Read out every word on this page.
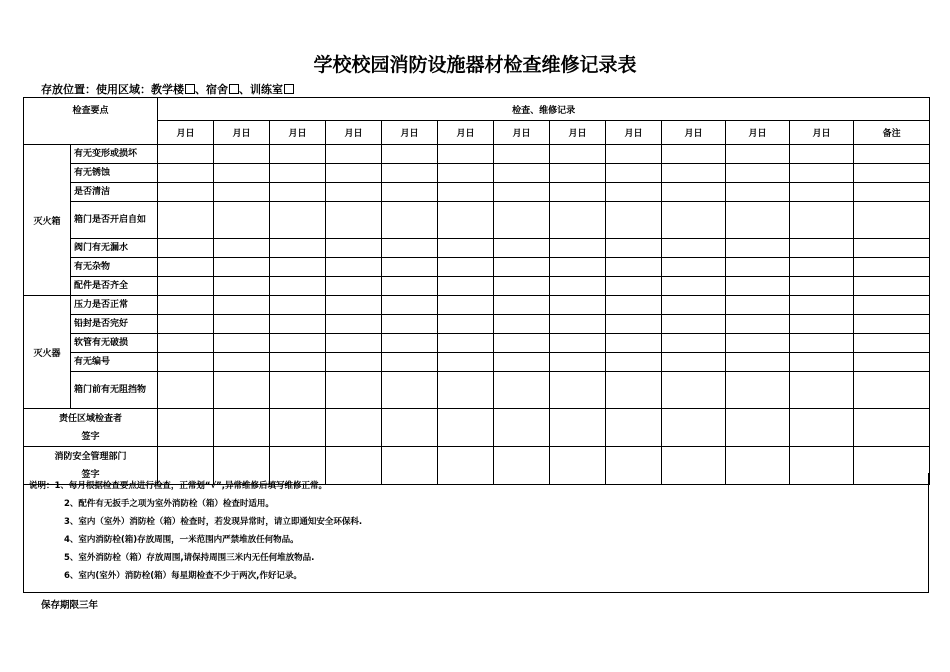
学校校园消防设施器材检查维修记录表
存放位置：使用区域：教学楼 、宿舍 、训练室
检查要点		检查、维修记录												
		月日	月日	月日	月日	月日	月日	月日	月日	月日	月日	月日	月日	备注
灭火箱	有无变形或损坏													
	有无锈蚀													
	是否清洁													
	箱门是否开启自如													
	阀门有无漏水													
	有无杂物													
	配件是否齐全													
灭火器	压力是否正常													
	铅封是否完好													
	软管有无破损													
	有无编号													
	箱门前有无阻挡物													

责任区域检查者
签字														

消防安全管理部门
签字														

说明：1、每月根据检查要点进行检查，正常划“√”,异常维修后填写维修正常。
2、配件有无扳手之项为室外消防栓（箱）检查时适用。
3、室内（室外）消防栓（箱）检查时，若发现异常时，请立即通知安全环保科.
4、室内消防栓(箱)存放周围，一米范围内严禁堆放任何物品。
5、室外消防栓（箱）存放周围,请保持周围三米内无任何堆放物品.
6、室内(室外）消防栓(箱）每星期检查不少于两次,作好记录。
保存期限三年
